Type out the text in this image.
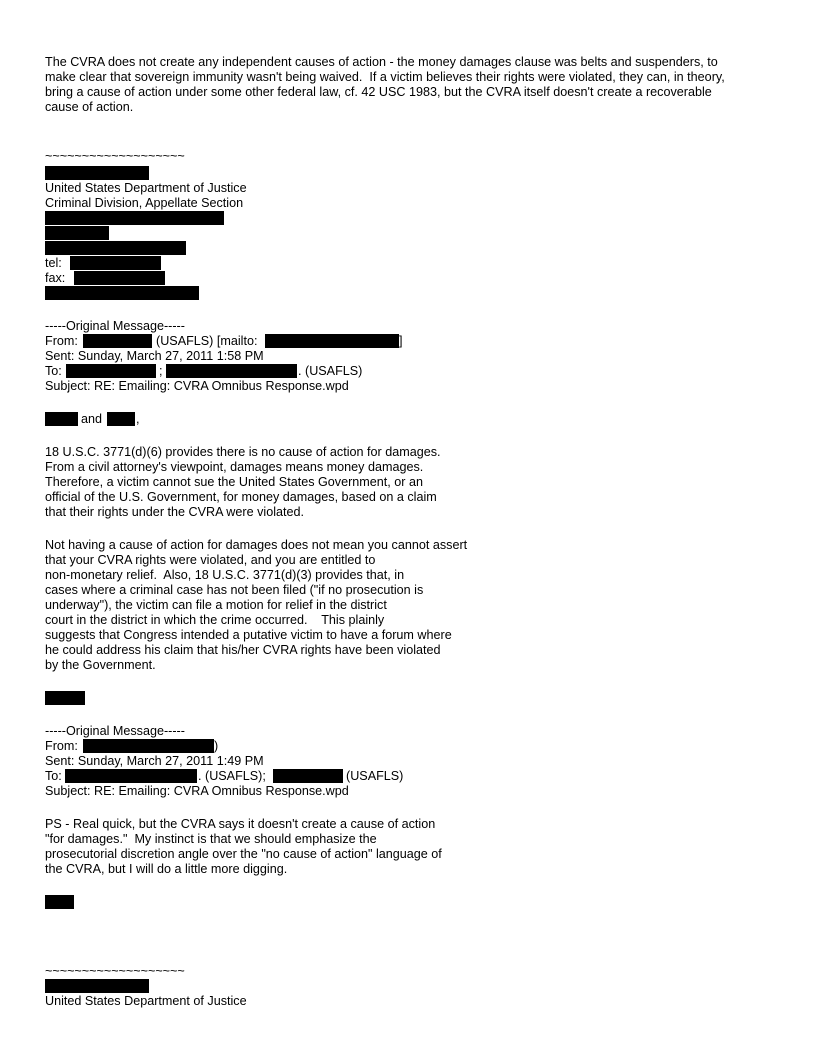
The CVRA does not create any independent causes of action - the money damages clause was belts and suspenders, to
make clear that sovereign immunity wasn't being waived.  If a victim believes their rights were violated, they can, in theory,
bring a cause of action under some other federal law, cf. 42 USC 1983, but the CVRA itself doesn't create a recoverable
cause of action.
~~~~~~~~~~~~~~~~~~~
United States Department of Justice
Criminal Division, Appellate Section
tel:
fax:
-----Original Message-----
From:	(USAFLS) [mailto:	]
Sent: Sunday, March 27, 2011 1:58 PM
To:	;	. (USAFLS)
Subject: RE: Emailing: CVRA Omnibus Response.wpd
and	,
18 U.S.C. 3771(d)(6) provides there is no cause of action for damages.
From a civil attorney's viewpoint, damages means money damages.
Therefore, a victim cannot sue the United States Government, or an
official of the U.S. Government, for money damages, based on a claim
that their rights under the CVRA were violated.
Not having a cause of action for damages does not mean you cannot assert
that your CVRA rights were violated, and you are entitled to
non-monetary relief.  Also, 18 U.S.C. 3771(d)(3) provides that, in
cases where a criminal case has not been filed ("if no prosecution is
underway"), the victim can file a motion for relief in the district
court in the district in which the crime occurred.    This plainly
suggests that Congress intended a putative victim to have a forum where
he could address his claim that his/her CVRA rights have been violated
by the Government.
-----Original Message-----
From:	)
Sent: Sunday, March 27, 2011 1:49 PM
To:	. (USAFLS);	(USAFLS)
Subject: RE: Emailing: CVRA Omnibus Response.wpd
PS - Real quick, but the CVRA says it doesn't create a cause of action
"for damages."  My instinct is that we should emphasize the
prosecutorial discretion angle over the "no cause of action" language of
the CVRA, but I will do a little more digging.
~~~~~~~~~~~~~~~~~~~
United States Department of Justice
